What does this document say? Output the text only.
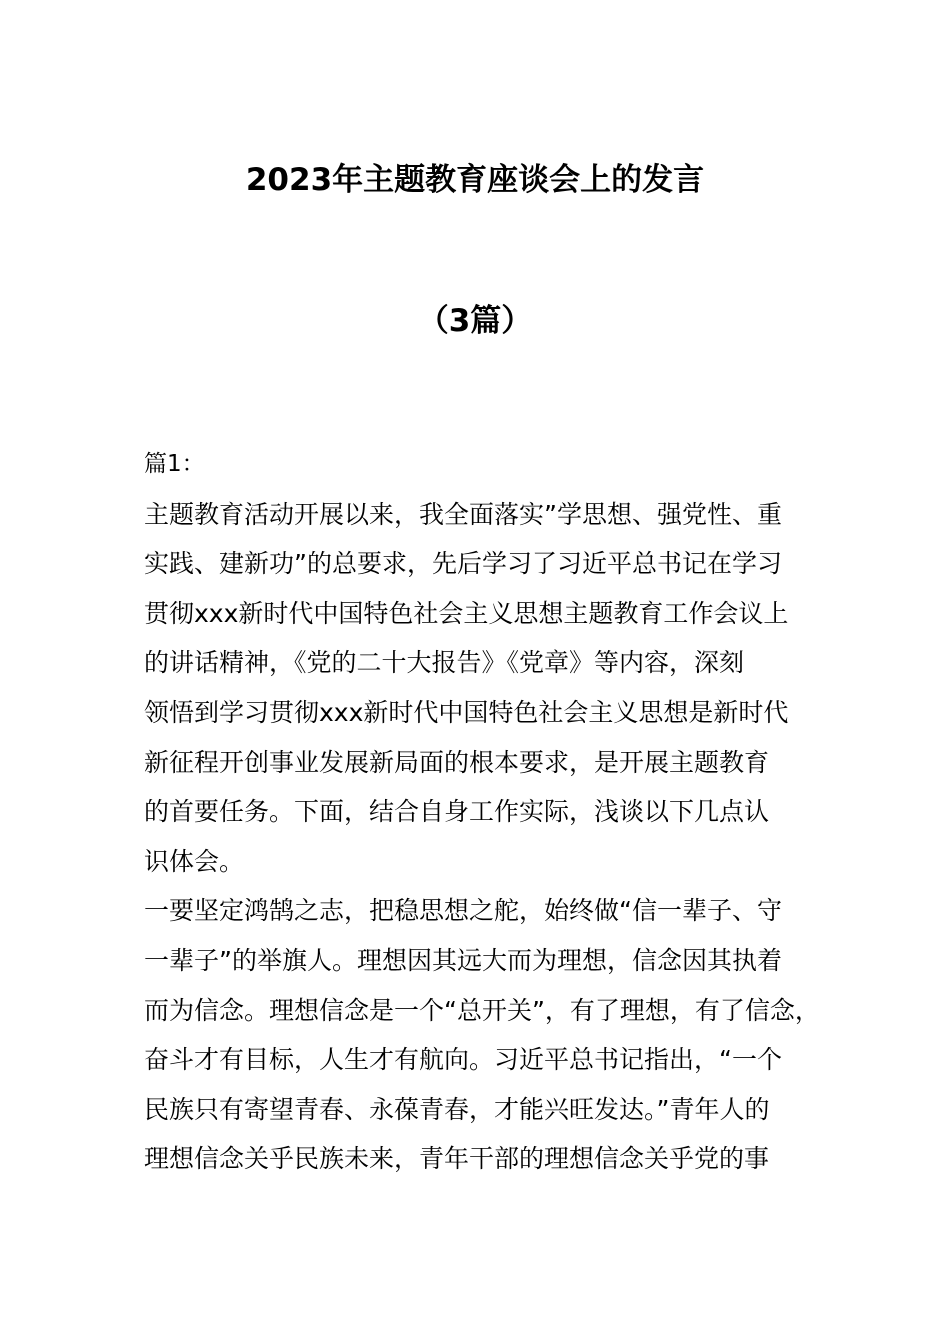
2023年主题教育座谈会上的发言
（3篇）
篇1：
主题教育活动开展以来，我全面落实”学思想、强党性、重
实践、建新功”的总要求，先后学习了习近平总书记在学习
贯彻xxx新时代中国特色社会主义思想主题教育工作会议上
的讲话精神，《党的二十大报告》《党章》等内容，深刻
领悟到学习贯彻xxx新时代中国特色社会主义思想是新时代
新征程开创事业发展新局面的根本要求，是开展主题教育
的首要任务。下面，结合自身工作实际，浅谈以下几点认
识体会。
一要坚定鸿鹄之志，把稳思想之舵，始终做“信一辈子、守
一辈子”的举旗人。理想因其远大而为理想，信念因其执着
而为信念。理想信念是一个“总开关”，有了理想，有了信念，
奋斗才有目标，人生才有航向。习近平总书记指出，“一个
民族只有寄望青春、永葆青春，才能兴旺发达。”青年人的
理想信念关乎民族未来，青年干部的理想信念关乎党的事
